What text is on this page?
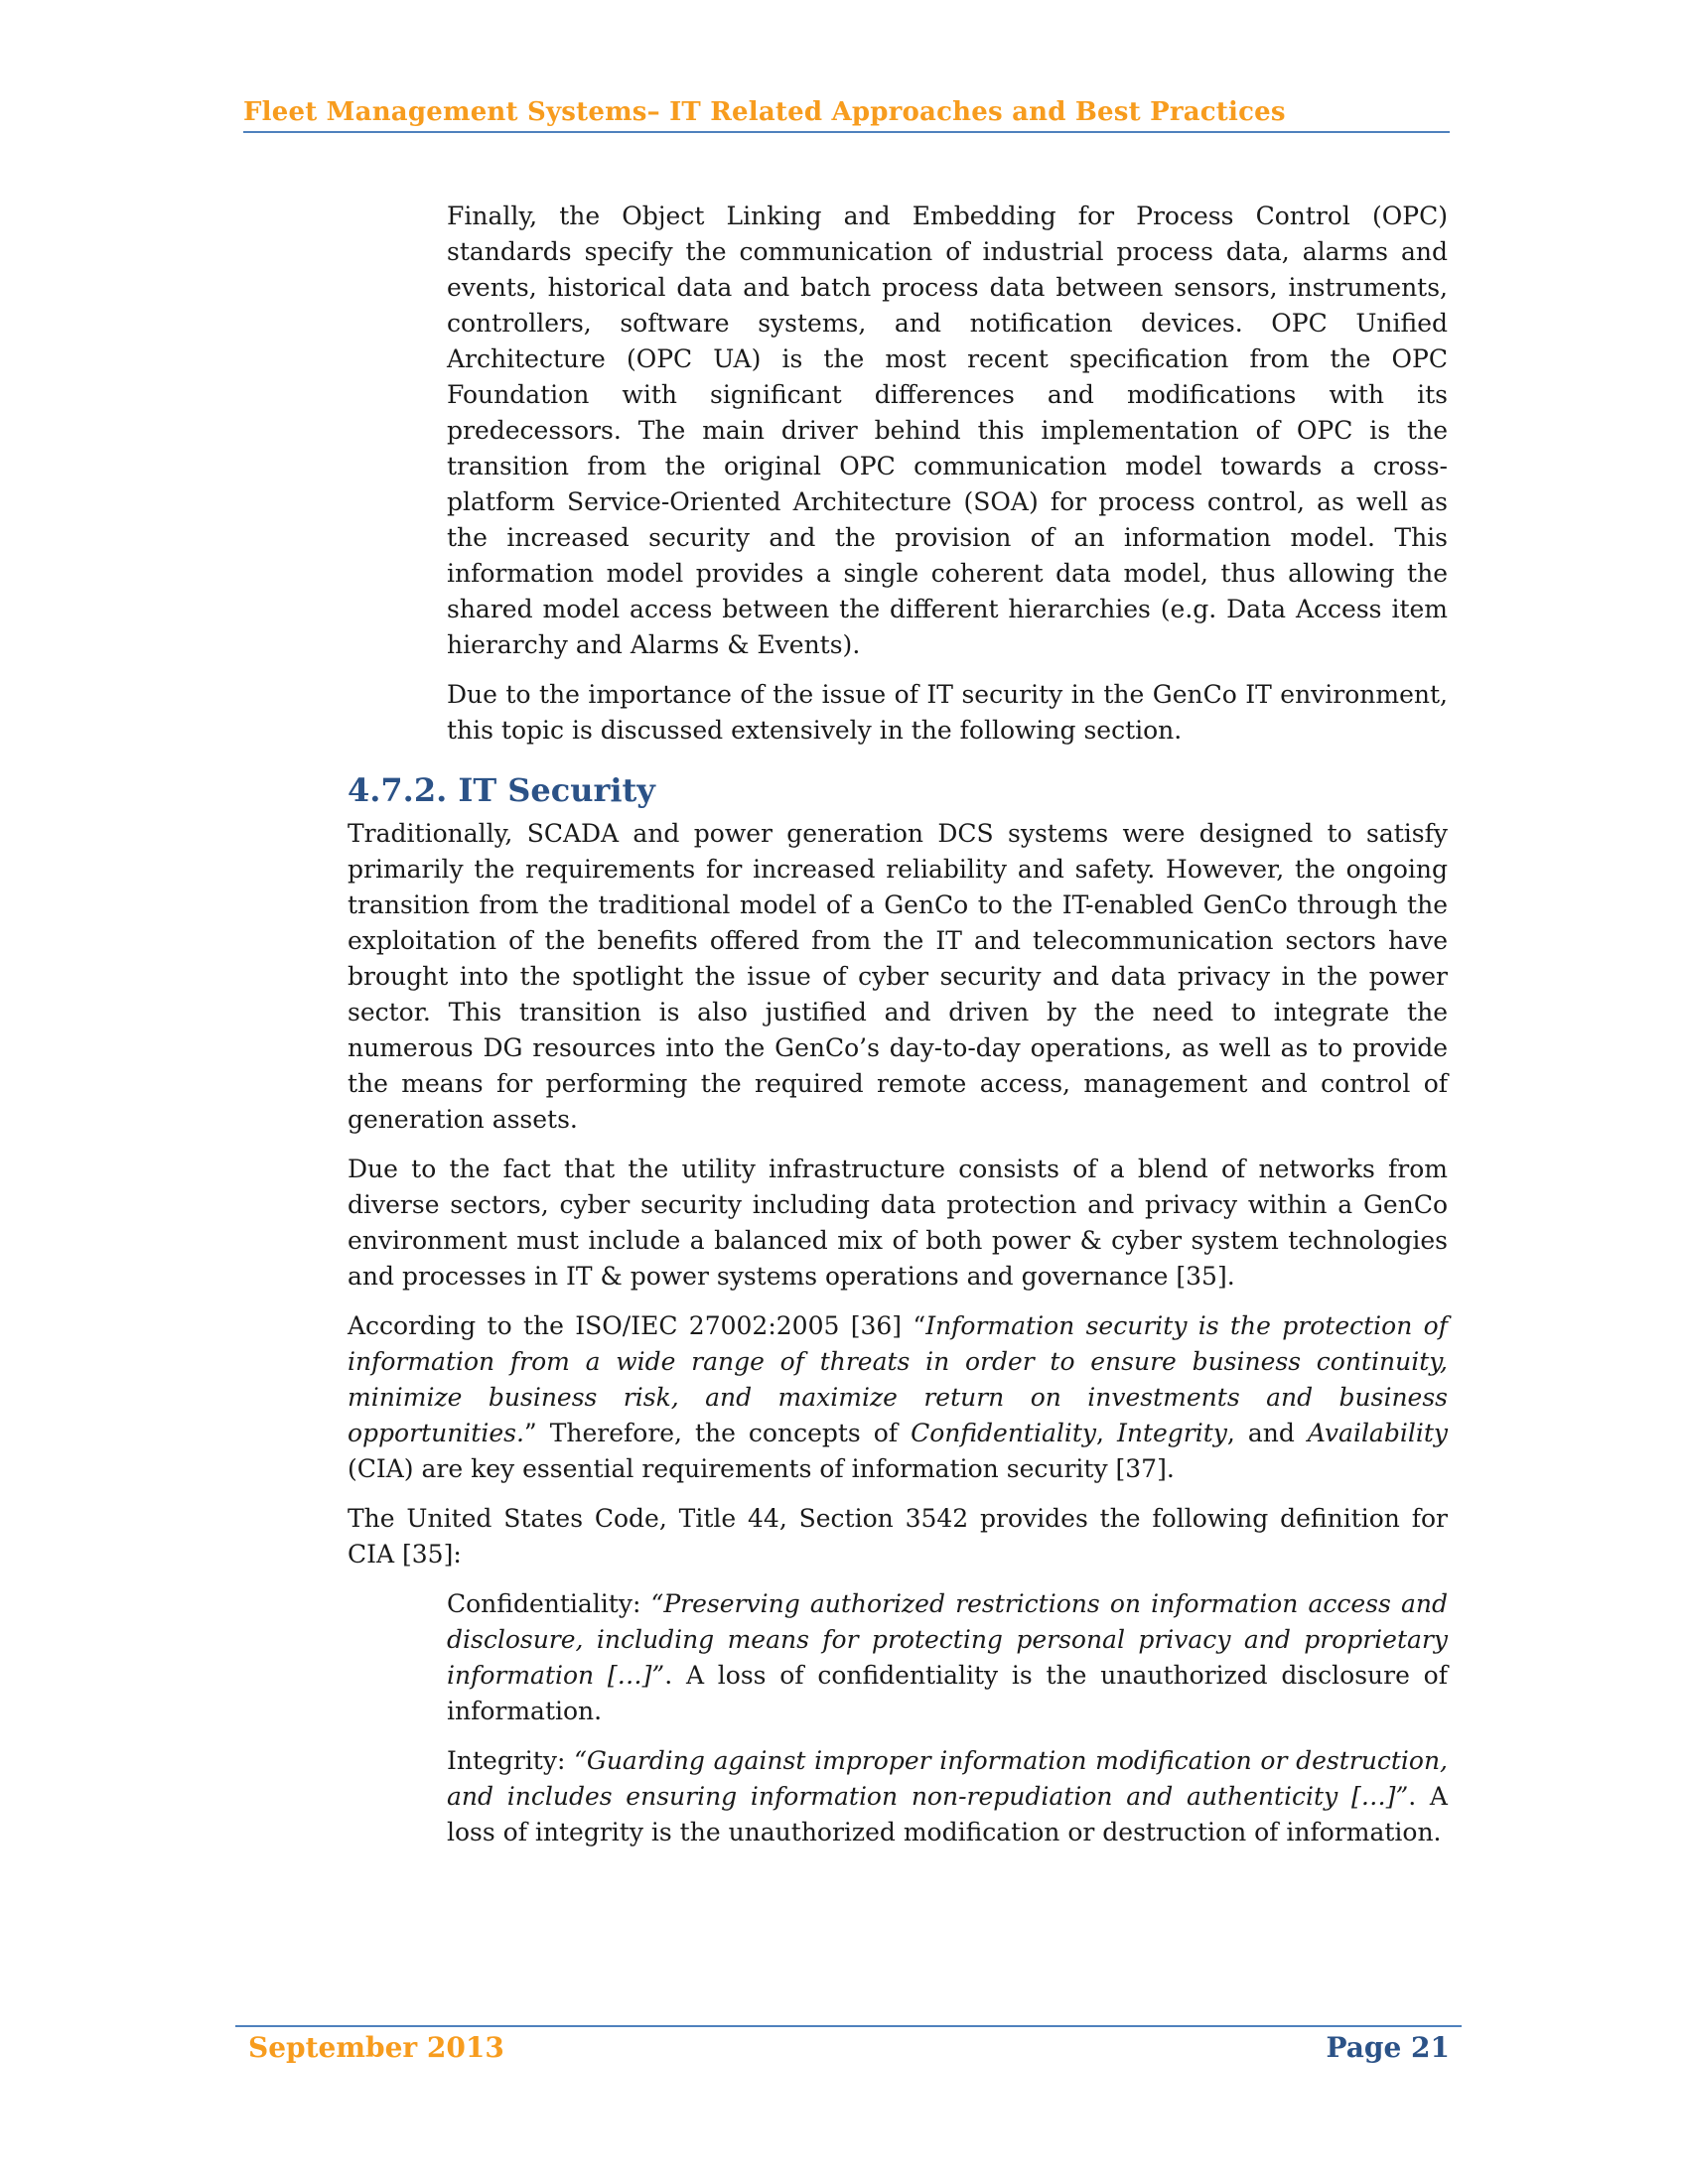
Fleet Management Systems– IT Related Approaches and Best Practices

Finally, the Object Linking and Embedding for Process Control (OPC) standards specify the communication of industrial process data, alarms and events, historical data and batch process data between sensors, instruments, controllers, software systems, and notification devices. OPC Unified Architecture (OPC UA) is the most recent specification from the OPC Foundation with significant differences and modifications with its predecessors. The main driver behind this implementation of OPC is the transition from the original OPC communication model towards a cross-platform Service-Oriented Architecture (SOA) for process control, as well as the increased security and the provision of an information model. This information model provides a single coherent data model, thus allowing the shared model access between the different hierarchies (e.g. Data Access item hierarchy and Alarms & Events).

Due to the importance of the issue of IT security in the GenCo IT environment, this topic is discussed extensively in the following section.

4.7.2. IT Security

Traditionally, SCADA and power generation DCS systems were designed to satisfy primarily the requirements for increased reliability and safety. However, the ongoing transition from the traditional model of a GenCo to the IT-enabled GenCo through the exploitation of the benefits offered from the IT and telecommunication sectors have brought into the spotlight the issue of cyber security and data privacy in the power sector. This transition is also justified and driven by the need to integrate the numerous DG resources into the GenCo’s day-to-day operations, as well as to provide the means for performing the required remote access, management and control of generation assets.

Due to the fact that the utility infrastructure consists of a blend of networks from diverse sectors, cyber security including data protection and privacy within a GenCo environment must include a balanced mix of both power & cyber system technologies and processes in IT & power systems operations and governance [35].

According to the ISO/IEC 27002:2005 [36] “Information security is the protection of information from a wide range of threats in order to ensure business continuity, minimize business risk, and maximize return on investments and business opportunities.” Therefore, the concepts of Confidentiality, Integrity, and Availability (CIA) are key essential requirements of information security [37].

The United States Code, Title 44, Section 3542 provides the following definition for CIA [35]:

Confidentiality: “Preserving authorized restrictions on information access and disclosure, including means for protecting personal privacy and proprietary information […]”. A loss of confidentiality is the unauthorized disclosure of information.

Integrity: “Guarding against improper information modification or destruction, and includes ensuring information non-repudiation and authenticity […]”. A loss of integrity is the unauthorized modification or destruction of information.

September 2013	Page 21
